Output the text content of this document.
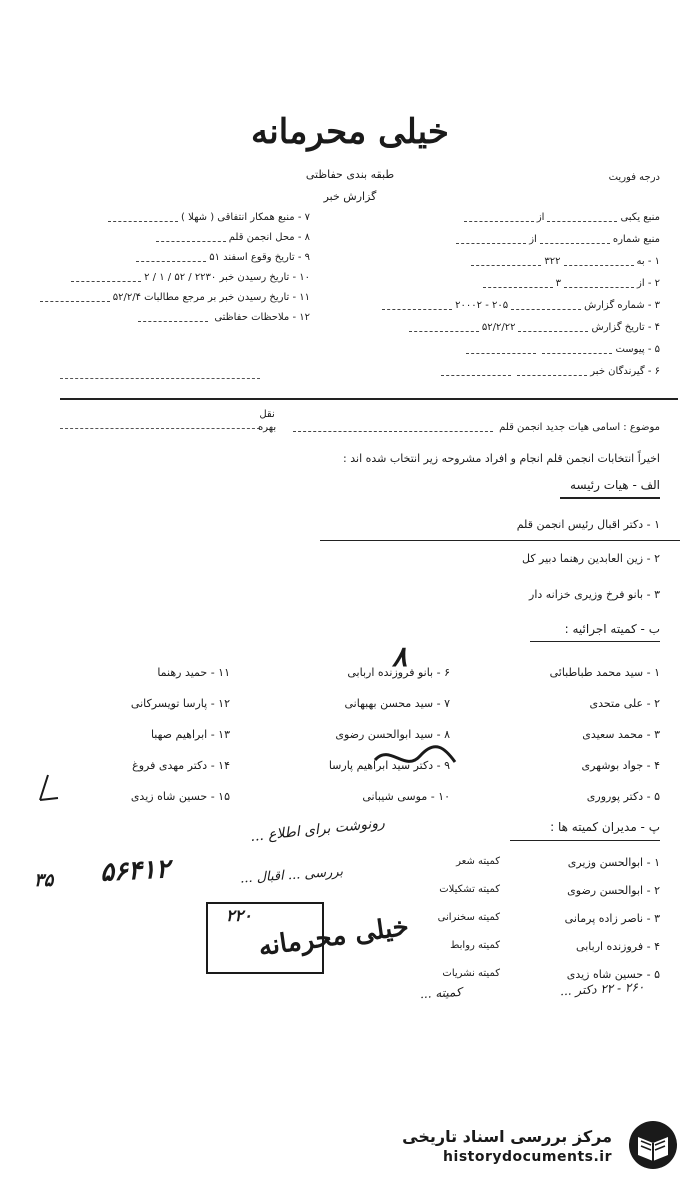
خیلی محرمانه
طبقه بندی حفاظتی
گزارش خبر
درجه فوریت
منبع یکبیاز
منبع شمارهاز
۱ - به۳۲۲
۲ - از۳
۳ - شماره گزارش۲۰۵ - ۲۰۰۰۲
۴ - تاریخ گزارش۵۲/۲/۲۲
۵ - پیوست
۶ - گیرندگان خبر
۷ - منبع همکار انتفاقی ( شهلا )
۸ - محل انجمن قلم
۹ - تاریخ وقوع اسفند ۵۱
۱۰ - تاریخ رسیدن خبر ۲۲۳۰ / ۵۲ / ۱ / ۲
۱۱ - تاریخ رسیدن خبر بر مرجع مطالبات ۵۲/۲/۴
۱۲ - ملاحظات حفاظتی
موضوع : اسامی هیات جدید انجمن قلم
نقل
بهره
اخیراً انتخابات انجمن قلم انجام و افراد مشروحه زیر انتخاب شده اند :
الف - هیات رئیسه
۱ - دکتر اقبال رئیس انجمن قلم
۲ - زین العابدین رهنما دبیر کل
۳ - بانو فرخ وزیری خزانه دار
ب - کمیته اجرائیه :
۱ - سید محمد طباطبائی
۲ - علی متحدی
۳ - محمد سعیدی
۴ - جواد بوشهری
۵ - دکتر پوروری
۶ - بانو فروزنده اربابی
۷ - سید محسن بهبهانی
۸ - سید ابوالحسن رضوی
۹ - دکتر سید ابراهیم پارسا
۱۰ - موسی شیبانی
۱۱ - حمید رهنما
۱۲ - پارسا تویسرکانی
۱۳ - ابراهیم صهبا
۱۴ - دکتر مهدی فروغ
۱۵ - حسین شاه زیدی
پ - مدیران کمیته ها :
۱ - ابوالحسن وزیری
۲ - ابوالحسن رضوی
۳ - ناصر زاده پرمانی
۴ - فروزنده اربابی
۵ - حسین شاه زیدی
کمیته شعر
کمیته تشکیلات
کمیته سخنرانی
کمیته روابط
کمیته نشریات
رونوشت برای اطلاع ...
بررسی ... اقبال ...
۵۶۴۱۲
۳۵
۸
کمیته ...	۲۶۰ - ۲۲ دکتر ...
خیلی محرمانه
۲۲۰
مرکز بررسی اسناد تاریخی
historydocuments.ir
